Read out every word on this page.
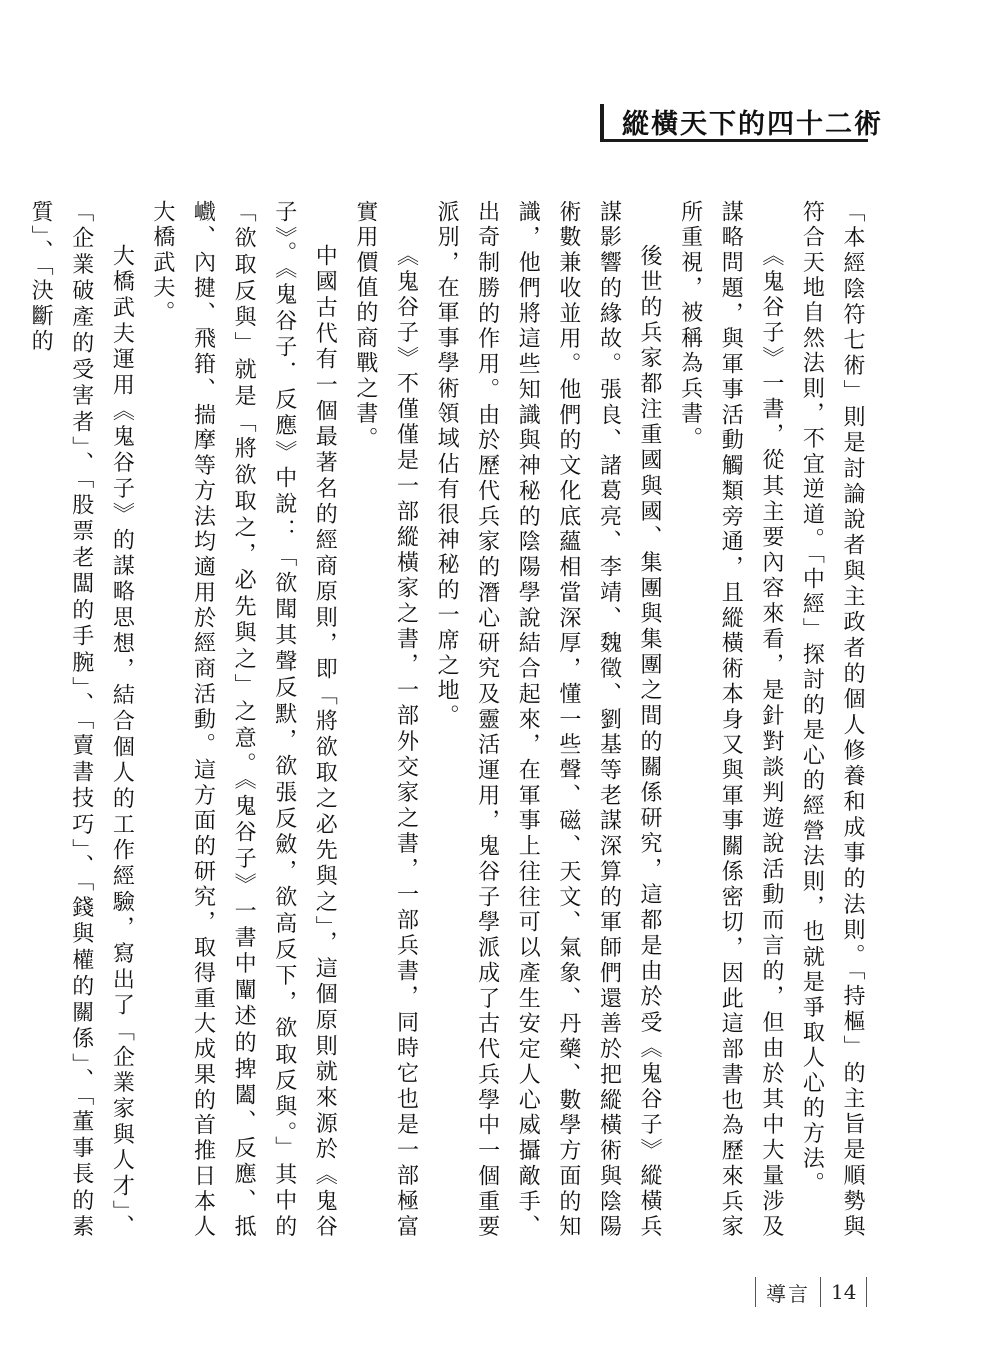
縱橫天下的四十二術

「本經陰符七術」則是討論說者與主政者的個人修養和成事的法則。「持樞」的主旨是順勢與符合天地自然法則，不宜逆道。「中經」探討的是心的經營法則，也就是爭取人心的方法。

《鬼谷子》一書，從其主要內容來看，是針對談判遊說活動而言的，但由於其中大量涉及謀略問題，與軍事活動觸類旁通，且縱橫術本身又與軍事關係密切，因此這部書也為歷來兵家所重視，被稱為兵書。

後世的兵家都注重國與國、集團與集團之間的關係研究，這都是由於受《鬼谷子》縱橫兵謀影響的緣故。張良、諸葛亮、李靖、魏徵、劉基等老謀深算的軍師們還善於把縱橫術與陰陽術數兼收並用。他們的文化底蘊相當深厚，懂一些聲、磁、天文、氣象、丹藥、數學方面的知識，他們將這些知識與神秘的陰陽學說結合起來，在軍事上往往可以產生安定人心威攝敵手、出奇制勝的作用。由於歷代兵家的潛心研究及靈活運用，鬼谷子學派成了古代兵學中一個重要派別，在軍事學術領域佔有很神秘的一席之地。

《鬼谷子》不僅僅是一部縱橫家之書，一部外交家之書，一部兵書，同時它也是一部極富實用價值的商戰之書。

中國古代有一個最著名的經商原則，即「將欲取之必先與之」，這個原則就來源於《鬼谷子》。《鬼谷子．反應》中說：「欲聞其聲反默，欲張反斂，欲高反下，欲取反與。」其中的「欲取反與」就是「將欲取之，必先與之」之意。《鬼谷子》一書中闡述的捭闔、反應、抵巇、內揵、飛箝、揣摩等方法均適用於經商活動。這方面的研究，取得重大成果的首推日本人大橋武夫。

大橋武夫運用《鬼谷子》的謀略思想，結合個人的工作經驗，寫出了「企業家與人才」、「企業破產的受害者」、「股票老闆的手腕」、「賣書技巧」、「錢與權的關係」、「董事長的素質」、「決斷的

導言 14
